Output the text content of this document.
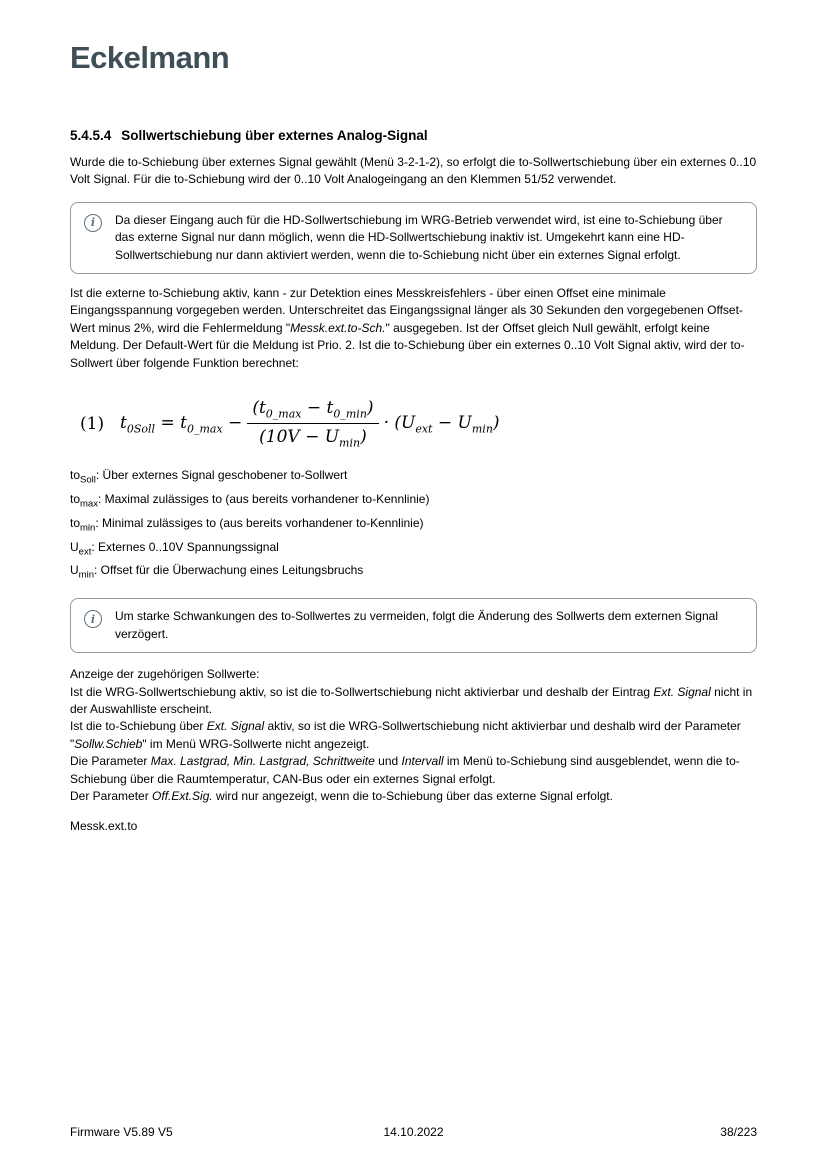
Eckelmann
5.4.5.4 Sollwertschiebung über externes Analog-Signal

Wurde die to-Schiebung über externes Signal gewählt (Menü 3-2-1-2), so erfolgt die to-Sollwertschiebung über ein externes 0..10 Volt Signal. Für die to-Schiebung wird der 0..10 Volt Analogeingang an den Klemmen 51/52 verwendet.

i Da dieser Eingang auch für die HD-Sollwertschiebung im WRG-Betrieb verwendet wird, ist eine to-Schiebung über das externe Signal nur dann möglich, wenn die HD-Sollwertschiebung inaktiv ist. Umgekehrt kann eine HD-Sollwertschiebung nur dann aktiviert werden, wenn die to-Schiebung nicht über ein externes Signal erfolgt.

Ist die externe to-Schiebung aktiv, kann - zur Detektion eines Messkreisfehlers - über einen Offset eine minimale Eingangsspannung vorgegeben werden. Unterschreitet das Eingangssignal länger als 30 Sekunden den vorgegebenen Offset-Wert minus 2%, wird die Fehlermeldung "Messk.ext.to-Sch." ausgegeben. Ist der Offset gleich Null gewählt, erfolgt keine Meldung. Der Default-Wert für die Meldung ist Prio. 2. Ist die to-Schiebung über ein externes 0..10 Volt Signal aktiv, wird der to-Sollwert über folgende Funktion berechnet:

(1) $t_{0Soll} = t_{0\_max} - \frac{(t_{0\_max} - t_{0\_min})}{(10V - U_{min})} \cdot (U_{ext} - U_{min})$
$to_{Soll}$: Über externes Signal geschobener to-Sollwert
$to_{max}$: Maximal zulässiges to (aus bereits vorhandener to-Kennlinie)
$to_{min}$: Minimal zulässiges to (aus bereits vorhandener to-Kennlinie)
$U_{ext}$: Externes 0..10V Spannungssignal
$U_{min}$: Offset für die Überwachung eines Leitungsbruchs
i Um starke Schwankungen des to-Sollwertes zu vermeiden, folgt die Änderung des Sollwerts dem externen Signal verzögert.

Anzeige der zugehörigen Sollwerte:
Ist die WRG-Sollwertschiebung aktiv, so ist die to-Sollwertschiebung nicht aktivierbar und deshalb der Eintrag Ext. Signal nicht in der Auswahlliste erscheint.
Ist die to-Schiebung über Ext. Signal aktiv, so ist die WRG-Sollwertschiebung nicht aktivierbar und deshalb wird der Parameter "Sollw.Schieb" im Menü WRG-Sollwerte nicht angezeigt.
Die Parameter Max. Lastgrad, Min. Lastgrad, Schrittweite und Intervall im Menü to-Schiebung sind ausgeblendet, wenn die to-Schiebung über die Raumtemperatur, CAN-Bus oder ein externes Signal erfolgt.
Der Parameter Off.Ext.Sig. wird nur angezeigt, wenn die to-Schiebung über das externe Signal erfolgt.
Messk.ext.to
Firmware V5.89 V5	14.10.2022	38/223
